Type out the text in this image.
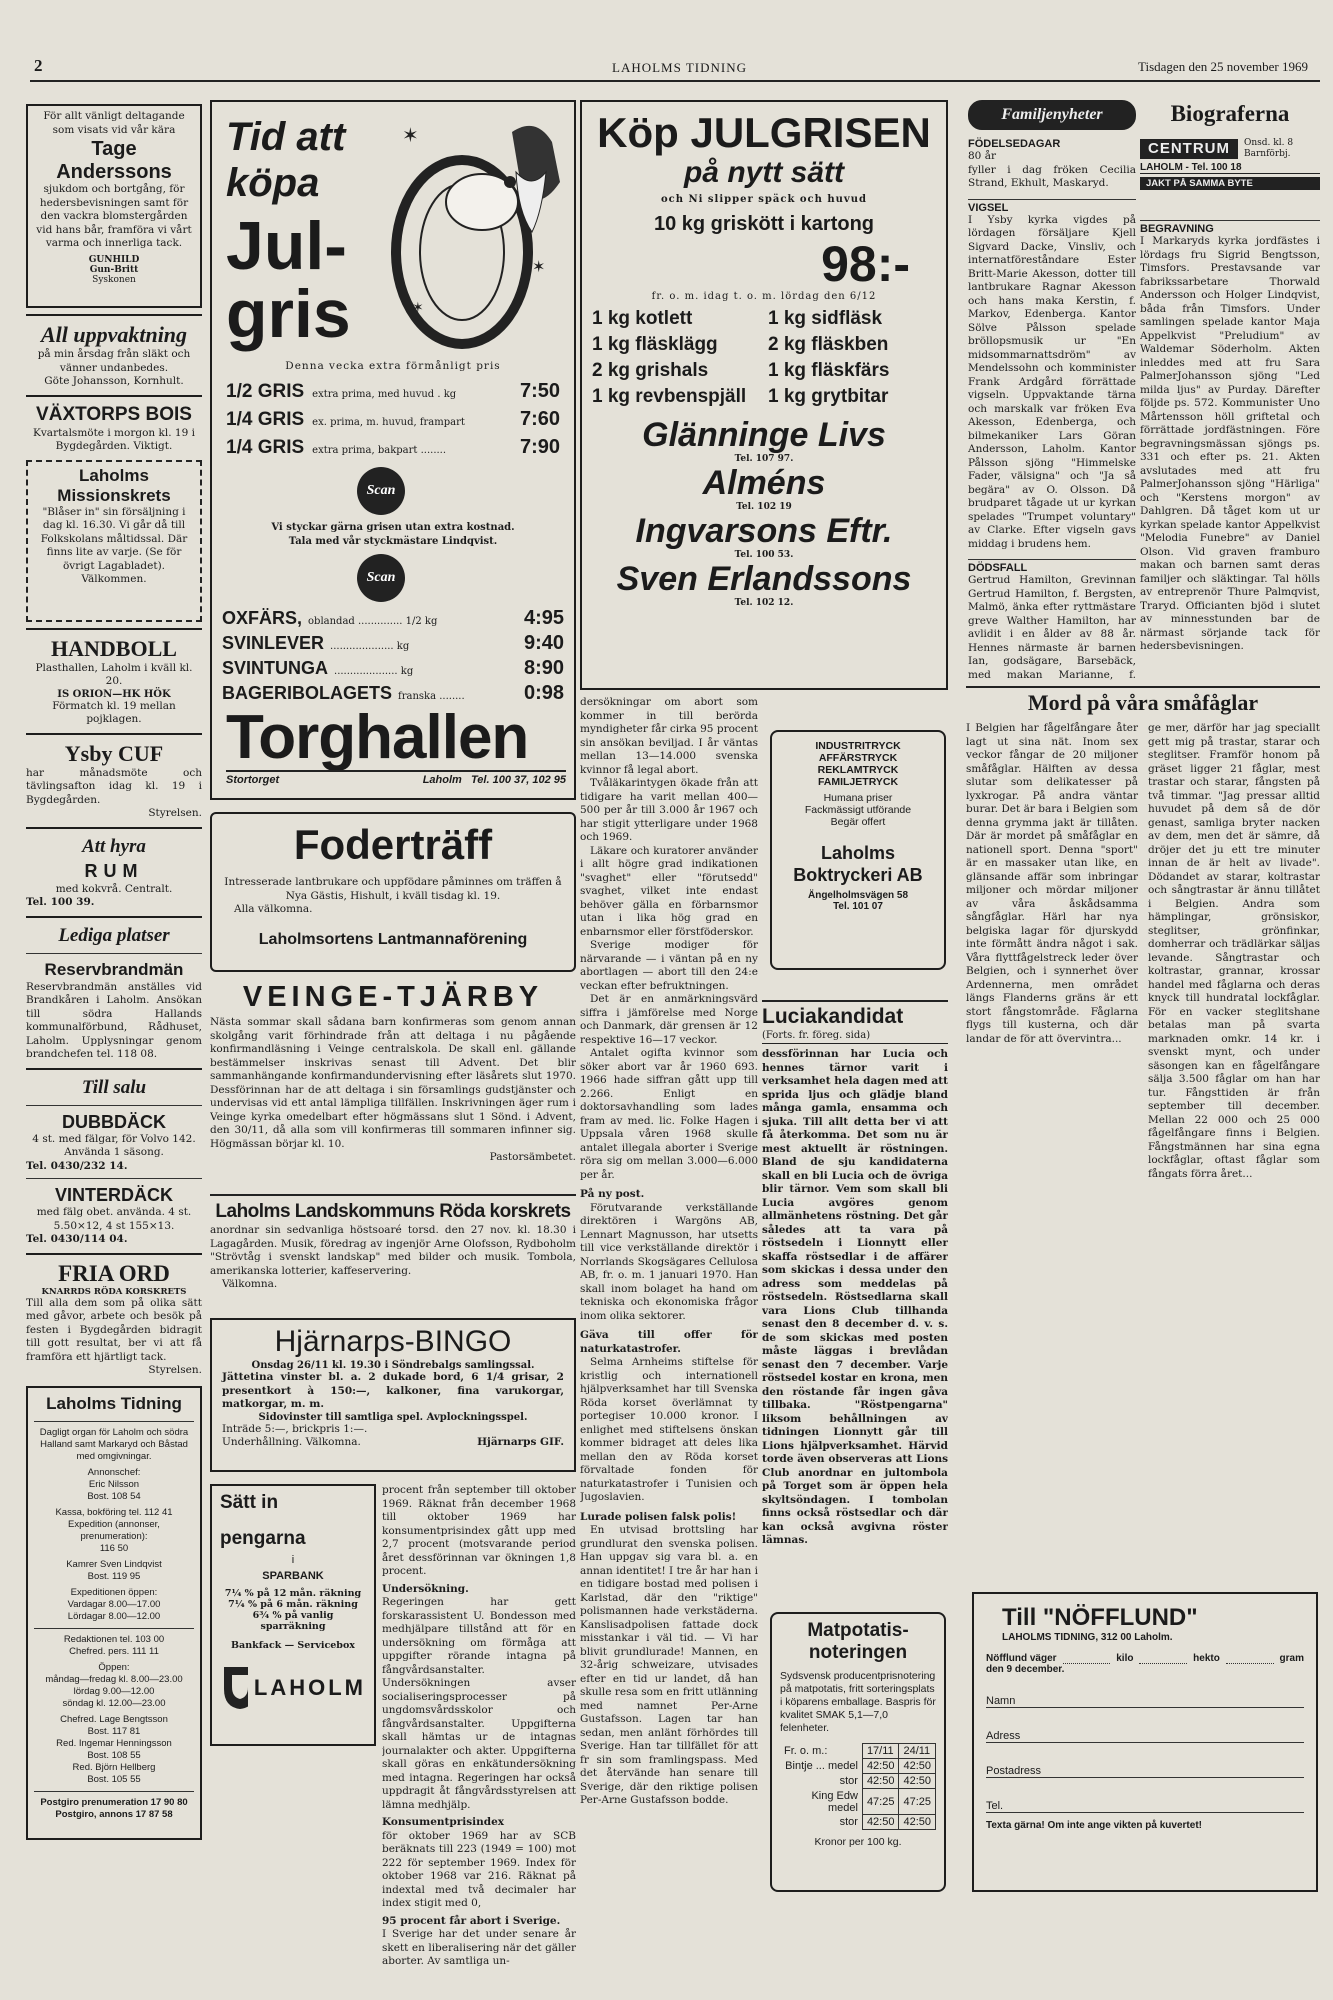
2	LAHOLMS TIDNING	Tisdagen den 25 november 1969
För allt vänligt deltagande som visats vid vår kära
Tage
Anderssons
sjukdom och bortgång, för hedersbevisningen samt för den vackra blomstergården vid hans bår, framföra vi vårt varma och innerliga tack.
GUNHILD
Gun-Britt
Syskonen
All uppvaktning
på min årsdag från släkt och vänner undanbedes.
Göte Johansson, Kornhult.
VÄXTORPS BOIS
Kvartalsmöte i morgon kl. 19 i Bygdegården. Viktigt.
Laholms
Missionskrets
"Blåser in" sin försäljning i dag kl. 16.30. Vi går då till Folkskolans måltidssal. Där finns lite av varje. (Se för övrigt Lagabladet).
Välkommen.
HANDBOLL
Plasthallen, Laholm i kväll kl. 20.
IS ORION—HK HÖK
Förmatch kl. 19 mellan pojklagen.
Ysby CUF
har månadsmöte och tävlingsafton idag kl. 19 i Bygdegården.
Styrelsen.
Att hyra
RUM
med kokvrå. Centralt.
Tel. 100 39.
Lediga platser
Reservbrandmän
Reservbrandmän anställes vid Brandkåren i Laholm. Ansökan till södra Hallands kommunalförbund, Rådhuset, Laholm. Upplysningar genom brandchefen tel. 118 08.
Till salu
DUBBDÄCK
4 st. med fälgar, för Volvo 142. Använda 1 säsong.
Tel. 0430/232 14.
VINTERDÄCK
med fälg obet. använda. 4 st. 5.50×12, 4 st 155×13.
Tel. 0430/114 04.
FRIA ORD
KNARRDS RÖDA KORSKRETS
Till alla dem som på olika sätt med gåvor, arbete och besök på festen i Bygdegården bidragit till gott resultat, ber vi att få framföra ett hjärtligt tack.
Styrelsen.
Laholms Tidning
Dagligt organ för Laholm och södra Halland samt Markaryd och Båstad med omgivningar.
Annonschef:
Eric Nilsson
Bost. 108 54
Kassa, bokföring tel. 112 41
Expedition (annonser, prenumeration):
116 50
Kamrer Sven Lindqvist
Bost. 119 95
Expeditionen öppen:
Vardagar 8.00—17.00
Lördagar 8.00—12.00
Redaktionen tel. 103 00
Chefred. pers. 111 11
Öppen:
måndag—fredag kl. 8.00—23.00
lördag 9.00—12.00
söndag kl. 12.00—23.00
Chefred. Lage Bengtsson
Bost. 117 81
Red. Ingemar Henningsson
Bost. 108 55
Red. Björn Hellberg
Bost. 105 55
Postgiro prenumeration 17 90 80
Postgiro, annons 17 87 58
Tid att
köpa
Jul-
gris
✶
✶
✶
Denna vecka extra förmånligt pris
1/2 GRIS extra prima, med huvud . kg	7:50
1/4 GRIS ex. prima, m. huvud, frampart	7:60
1/4 GRIS extra prima, bakpart ........	7:90
Scan
Vi styckar gärna grisen utan extra kostnad.
Tala med vår styckmästare Lindqvist.
Scan
OXFÄRS, oblandad .............. 1/2 kg	4:95
SVINLEVER .................... kg	9:40
SVINTUNGA .................... kg	8:90
BAGERIBOLAGETS franska ........	0:98
Torghallen
Stortorget	Laholm Tel. 100 37, 102 95
Foderträff
Intresserade lantbrukare och uppfödare påminnes om träffen å Nya Gästis, Hishult, i kväll tisdag kl. 19.
Alla välkomna.
Laholmsortens Lantmannaförening
VEINGE-TJÄRBY
Nästa sommar skall sådana barn konfirmeras som genom annan skolgång varit förhindrade från att deltaga i nu pågående konfirmandläsning i Veinge centralskola. De skall enl. gällande bestämmelser inskrivas senast till Advent. Det blir sammanhängande konfirmandundervisning efter läsårets slut 1970. Dessförinnan har de att deltaga i sin församlings gudstjänster och undervisas vid ett antal lämpliga tillfällen. Inskrivningen äger rum i Veinge kyrka omedelbart efter högmässans slut 1 Sönd. i Advent, den 30/11, då alla som vill konfirmeras till sommaren infinner sig. Högmässan börjar kl. 10.
Pastorsämbetet.
Laholms Landskommuns Röda korskrets
anordnar sin sedvanliga höstsoaré torsd. den 27 nov. kl. 18.30 i Lagagården. Musik, föredrag av ingenjör Arne Olofsson, Rydboholm "Strövtåg i svenskt landskap" med bilder och musik. Tombola, amerikanska lotterier, kaffeservering.
Välkomna.
Hjärnarps-BINGO
Onsdag 26/11 kl. 19.30 i Söndrebalgs samlingssal.
Jättetina vinster bl. a. 2 dukade bord, 6 1/4 grisar, 2 presentkort à 150:—, kalkoner, fina varukorgar, matkorgar, m. m.
Sidovinster till samtliga spel. Avplockningsspel.
Inträde 5:—, brickpris 1:—.
Underhållning. Välkomna.	Hjärnarps GIF.
Sätt in
pengarna
i
SPARBANK
7¼ % på 12 mån. räkning
7¼ % på 6 mån. räkning
6¾ % på vanlig sparräkning
Bankfack — Servicebox
LAHOLM
procent från september till oktober 1969. Räknat från december 1968 till oktober 1969 har konsumentprisindex gått upp med 2,7 procent (motsvarande period året dessförinnan var ökningen 1,8 procent.
Undersökning.
Regeringen har gett forskarassistent U. Bondesson med medhjälpare tillstånd att för en undersökning om förmåga att uppgifter rörande intagna på fångvårdsanstalter. Undersökningen avser socialiseringsprocesser på ungdomsvårdsskolor och fångvårdsanstalter. Uppgifterna skall hämtas ur de intagnas journalakter och akter. Uppgifterna skall göras en enkätundersökning med intagna. Regeringen har också uppdragit åt fångvårdsstyrelsen att lämna medhjälp.
Konsumentprisindex
för oktober 1969 har av SCB beräknats till 223 (1949 = 100) mot 222 för september 1969. Index för oktober 1968 var 216. Räknat på indextal med två decimaler har index stigit med 0,
95 procent får abort i Sverige.
I Sverige har det under senare år skett en liberalisering när det gäller aborter. Av samtliga un-
Köp JULGRISEN
på nytt sätt
och Ni slipper späck och huvud
10 kg griskött i kartong
98:-
fr. o. m. idag t. o. m. lördag den 6/12
1 kg kotlett	1 kg sidfläsk
1 kg fläsklägg	2 kg fläskben
2 kg grishals	1 kg fläskfärs
1 kg revbenspjäll	1 kg grytbitar
Glänninge Livs
Tel. 107 97.
Alméns
Tel. 102 19
Ingvarsons Eftr.
Tel. 100 53.
Sven Erlandssons
Tel. 102 12.
dersökningar om abort som kommer in till berörda myndigheter får cirka 95 procent sin ansökan beviljad. I år väntas mellan 13—14.000 svenska kvinnor få legal abort.
Tvåläkarintygen ökade från att tidigare ha varit mellan 400—500 per år till 3.000 år 1967 och har stigit ytterligare under 1968 och 1969.
Läkare och kuratorer använder i allt högre grad indikationen "svaghet" eller "förutsedd" svaghet, vilket inte endast behöver gälla en förbarnsmor utan i lika hög grad en enbarnsmor eller förstföderskor.
Sverige modiger för närvarande — i väntan på en ny abortlagen — abort till den 24:e veckan efter befruktningen.
Det är en anmärkningsvärd siffra i jämförelse med Norge och Danmark, där grensen är 12 respektive 16—17 veckor.
Antalet ogifta kvinnor som söker abort var år 1960 693. 1966 hade siffran gått upp till 2.266. Enligt en doktorsavhandling som lades fram av med. lic. Folke Hagen i Uppsala våren 1968 skulle antalet illegala aborter i Sverige röra sig om mellan 3.000—6.000 per år.
På ny post.
Förutvarande verkställande direktören i Wargöns AB, Lennart Magnusson, har utsetts till vice verkställande direktör i Norrlands Skogsägares Cellulosa AB, fr. o. m. 1 januari 1970. Han skall inom bolaget ha hand om tekniska och ekonomiska frågor inom olika sektorer.
Gäva till offer för naturkatastrofer.
Selma Arnheims stiftelse för kristlig och internationell hjälpverksamhet har till Svenska Röda korset överlämnat ty portegiser 10.000 kronor. I enlighet med stiftelsens önskan kommer bidraget att deles lika mellan den av Röda korset förvaltade fonden för naturkatastrofer i Tunisien och Jugoslavien.
Lurade polisen falsk polis!
En utvisad brottsling har grundlurat den svenska polisen. Han uppgav sig vara bl. a. en annan identitet! I tre år har han i en tidigare bostad med polisen i Karlstad, där den "riktige" polismannen hade verkstäderna. Kanslisadpolisen fattade dock misstankar i väl tid. — Vi har blivit grundlurade! Mannen, en 32-årig schweizare, utvisades efter en tid ur landet, då han skulle resa som en fritt utlänning med namnet Per-Arne Gustafsson. Lagen tar han sedan, men anlänt förhördes till Sverige. Han tar tillfället för att fr sin som framlingspass. Med det återvände han senare till Sverige, där den riktige polisen Per-Arne Gustafsson bodde.
INDUSTRITRYCK
AFFÄRSTRYCK
REKLAMTRYCK
FAMILJETRYCK
Humana priser
Fackmässigt utförande
Begär offert
Laholms
Boktryckeri AB
Ängelholmsvägen 58
Tel. 101 07
Luciakandidat
(Forts. fr. föreg. sida)
dessförinnan har Lucia och hennes tärnor varit i verksamhet hela dagen med att sprida ljus och glädje bland många gamla, ensamma och sjuka. Till allt detta ber vi att få återkomma. Det som nu är mest aktuellt är röstningen. Bland de sju kandidaterna skall en bli Lucia och de övriga blir tärnor. Vem som skall bli Lucia avgöres genom allmänhetens röstning. Det går således att ta vara på röstsedeln i Lionnytt eller skaffa röstsedlar i de affärer som skickas i dessa under den adress som meddelas på röstsedeln. Röstsedlarna skall vara Lions Club tillhanda senast den 8 december d. v. s. de som skickas med posten måste läggas i brevlådan senast den 7 december. Varje röstsedel kostar en krona, men den röstande får ingen gåva tillbaka. "Röstpengarna" liksom behållningen av tidningen Lionnytt går till Lions hjälpverksamhet. Härvid torde även observeras att Lions Club anordnar en jultombola på Torget som är öppen hela skyltsöndagen. I tombolan finns också röstsedlar och där kan också avgivna röster lämnas.
Matpotatis-
noteringen
Sydsvensk producentprisnotering på matpotatis, fritt sorteringsplats i köparens emballage. Baspris för kvalitet SMAK 5,1—7,0 felenheter.
Fr. o. m.:	17/11	24/11
Bintje ... medel	42:50	42:50
stor	42:50	42:50
King Edw medel	47:25	47:25
stor	42:50	42:50
Kronor per 100 kg.
Familjenyheter
FÖDELSEDAGAR
80 år
fyller i dag fröken Cecilia Strand, Ekhult, Maskaryd.
VIGSEL
I Ysby kyrka vigdes på lördagen försäljare Kjell Sigvard Dacke, Vinsliv, och internatföreståndare Ester Britt-Marie Akesson, dotter till lantbrukare Ragnar Akesson och hans maka Kerstin, f. Markov, Edenberga. Kantor Sölve Pålsson spelade bröllopsmusik ur "En midsommarnattsdröm" av Mendelssohn och komminister Frank Ardgård förrättade vigseln. Uppvaktande tärna och marskalk var fröken Eva Akesson, Edenberga, och bilmekaniker Lars Göran Andersson, Laholm. Kantor Pålsson sjöng "Himmelske Fader, välsigna" och "Ja så begära" av O. Olsson. Då brudparet tågade ut ur kyrkan spelades "Trumpet voluntary" av Clarke. Efter vigseln gavs middag i brudens hem.
DÖDSFALL
Gertrud Hamilton, Grevinnan Gertrud Hamilton, f. Bergsten, Malmö, änka efter ryttmästare greve Walther Hamilton, har avlidit i en ålder av 88 år. Hennes närmaste är barnen Ian, godsägare, Barsebäck, med makan Marianne, f.
Biograferna
CENTRUM	Onsd. kl. 8 Barnförbj.
LAHOLM - Tel. 100 18
JAKT PÅ SAMMA BYTE
BEGRAVNING
I Markaryds kyrka jordfästes i lördags fru Sigrid Bengtsson, Timsfors. Prestavsande var fabrikssarbetare Thorwald Andersson och Holger Lindqvist, båda från Timsfors. Under samlingen spelade kantor Maja Appelkvist "Preludium" av Waldemar Söderholm. Akten inleddes med att fru Sara PalmerJohansson sjöng "Led milda ljus" av Purday. Därefter följde ps. 572. Kommunister Uno Mårtensson höll griftetal och förrättade jordfästningen. Före begravningsmässan sjöngs ps. 331 och efter ps. 21. Akten avslutades med att fru PalmerJohansson sjöng "Härliga" och "Kerstens morgon" av Dahlgren. Då tåget kom ut ur kyrkan spelade kantor Appelkvist "Melodia Funebre" av Daniel Olson. Vid graven framburo makan och barnen samt deras familjer och släktingar. Tal hölls av entreprenör Thure Palmqvist, Traryd. Officianten bjöd i slutet av minnesstunden bar de närmast sörjande tack för hedersbevisningen.
Mord på våra småfåglar
I Belgien har fågelfångare åter lagt ut sina nät. Inom sex veckor fångar de 20 miljoner småfåglar. Hälften av dessa slutar som delikatesser på lyxkrogar. På andra väntar burar. Det är bara i Belgien som denna grymma jakt är tillåten. Där är mordet på småfåglar en nationell sport. Denna "sport" är en massaker utan like, en glänsande affär som inbringar miljoner och mördar miljoner av våra åskådsamma sångfåglar. Härl har nya belgiska lagar för djurskydd inte förmått ändra något i sak. Våra flyttfågelstreck leder över Belgien, och i synnerhet över Ardennerna, men området längs Flanderns gräns är ett stort fångstområde. Fåglarna flygs till kusterna, och där landar de för att övervintra...
ge mer, därför har jag speciallt gett mig på trastar, starar och steglitser. Framför honom på gräset ligger 21 fåglar, mest trastar och starar, fångsten på två timmar. "Jag pressar alltid huvudet på dem så de dör genast, samliga bryter nacken av dem, men det är sämre, då dröjer det ju ett tre minuter innan de är helt av livade". Dödandet av starar, koltrastar och sångtrastar är ännu tillåtet i Belgien. Andra som hämplingar, grönsiskor, steglitser, grönfinkar, domherrar och trädlärkar säljas levande. Sångtrastar och koltrastar, grannar, krossar handel med fåglarna och deras knyck till hundratal lockfåglar. För en vacker steglitshane betalas man på svarta marknaden omkr. 14 kr. i svenskt mynt, och under säsongen kan en fågelfångare sälja 3.500 fåglar om han har tur. Fångsttiden är från september till december. Mellan 22 000 och 25 000 fågelfångare finns i Belgien. Fångstmännen har sina egna lockfåglar, oftast fåglar som fångats förra året...
Till "NÖFFLUND"
LAHOLMS TIDNING, 312 00 Laholm.
Nöfflund väger	kilo	hekto	gram
den 9 december.
Namn
Adress
Postadress
Tel.
Texta gärna! Om inte ange vikten på kuvertet!
